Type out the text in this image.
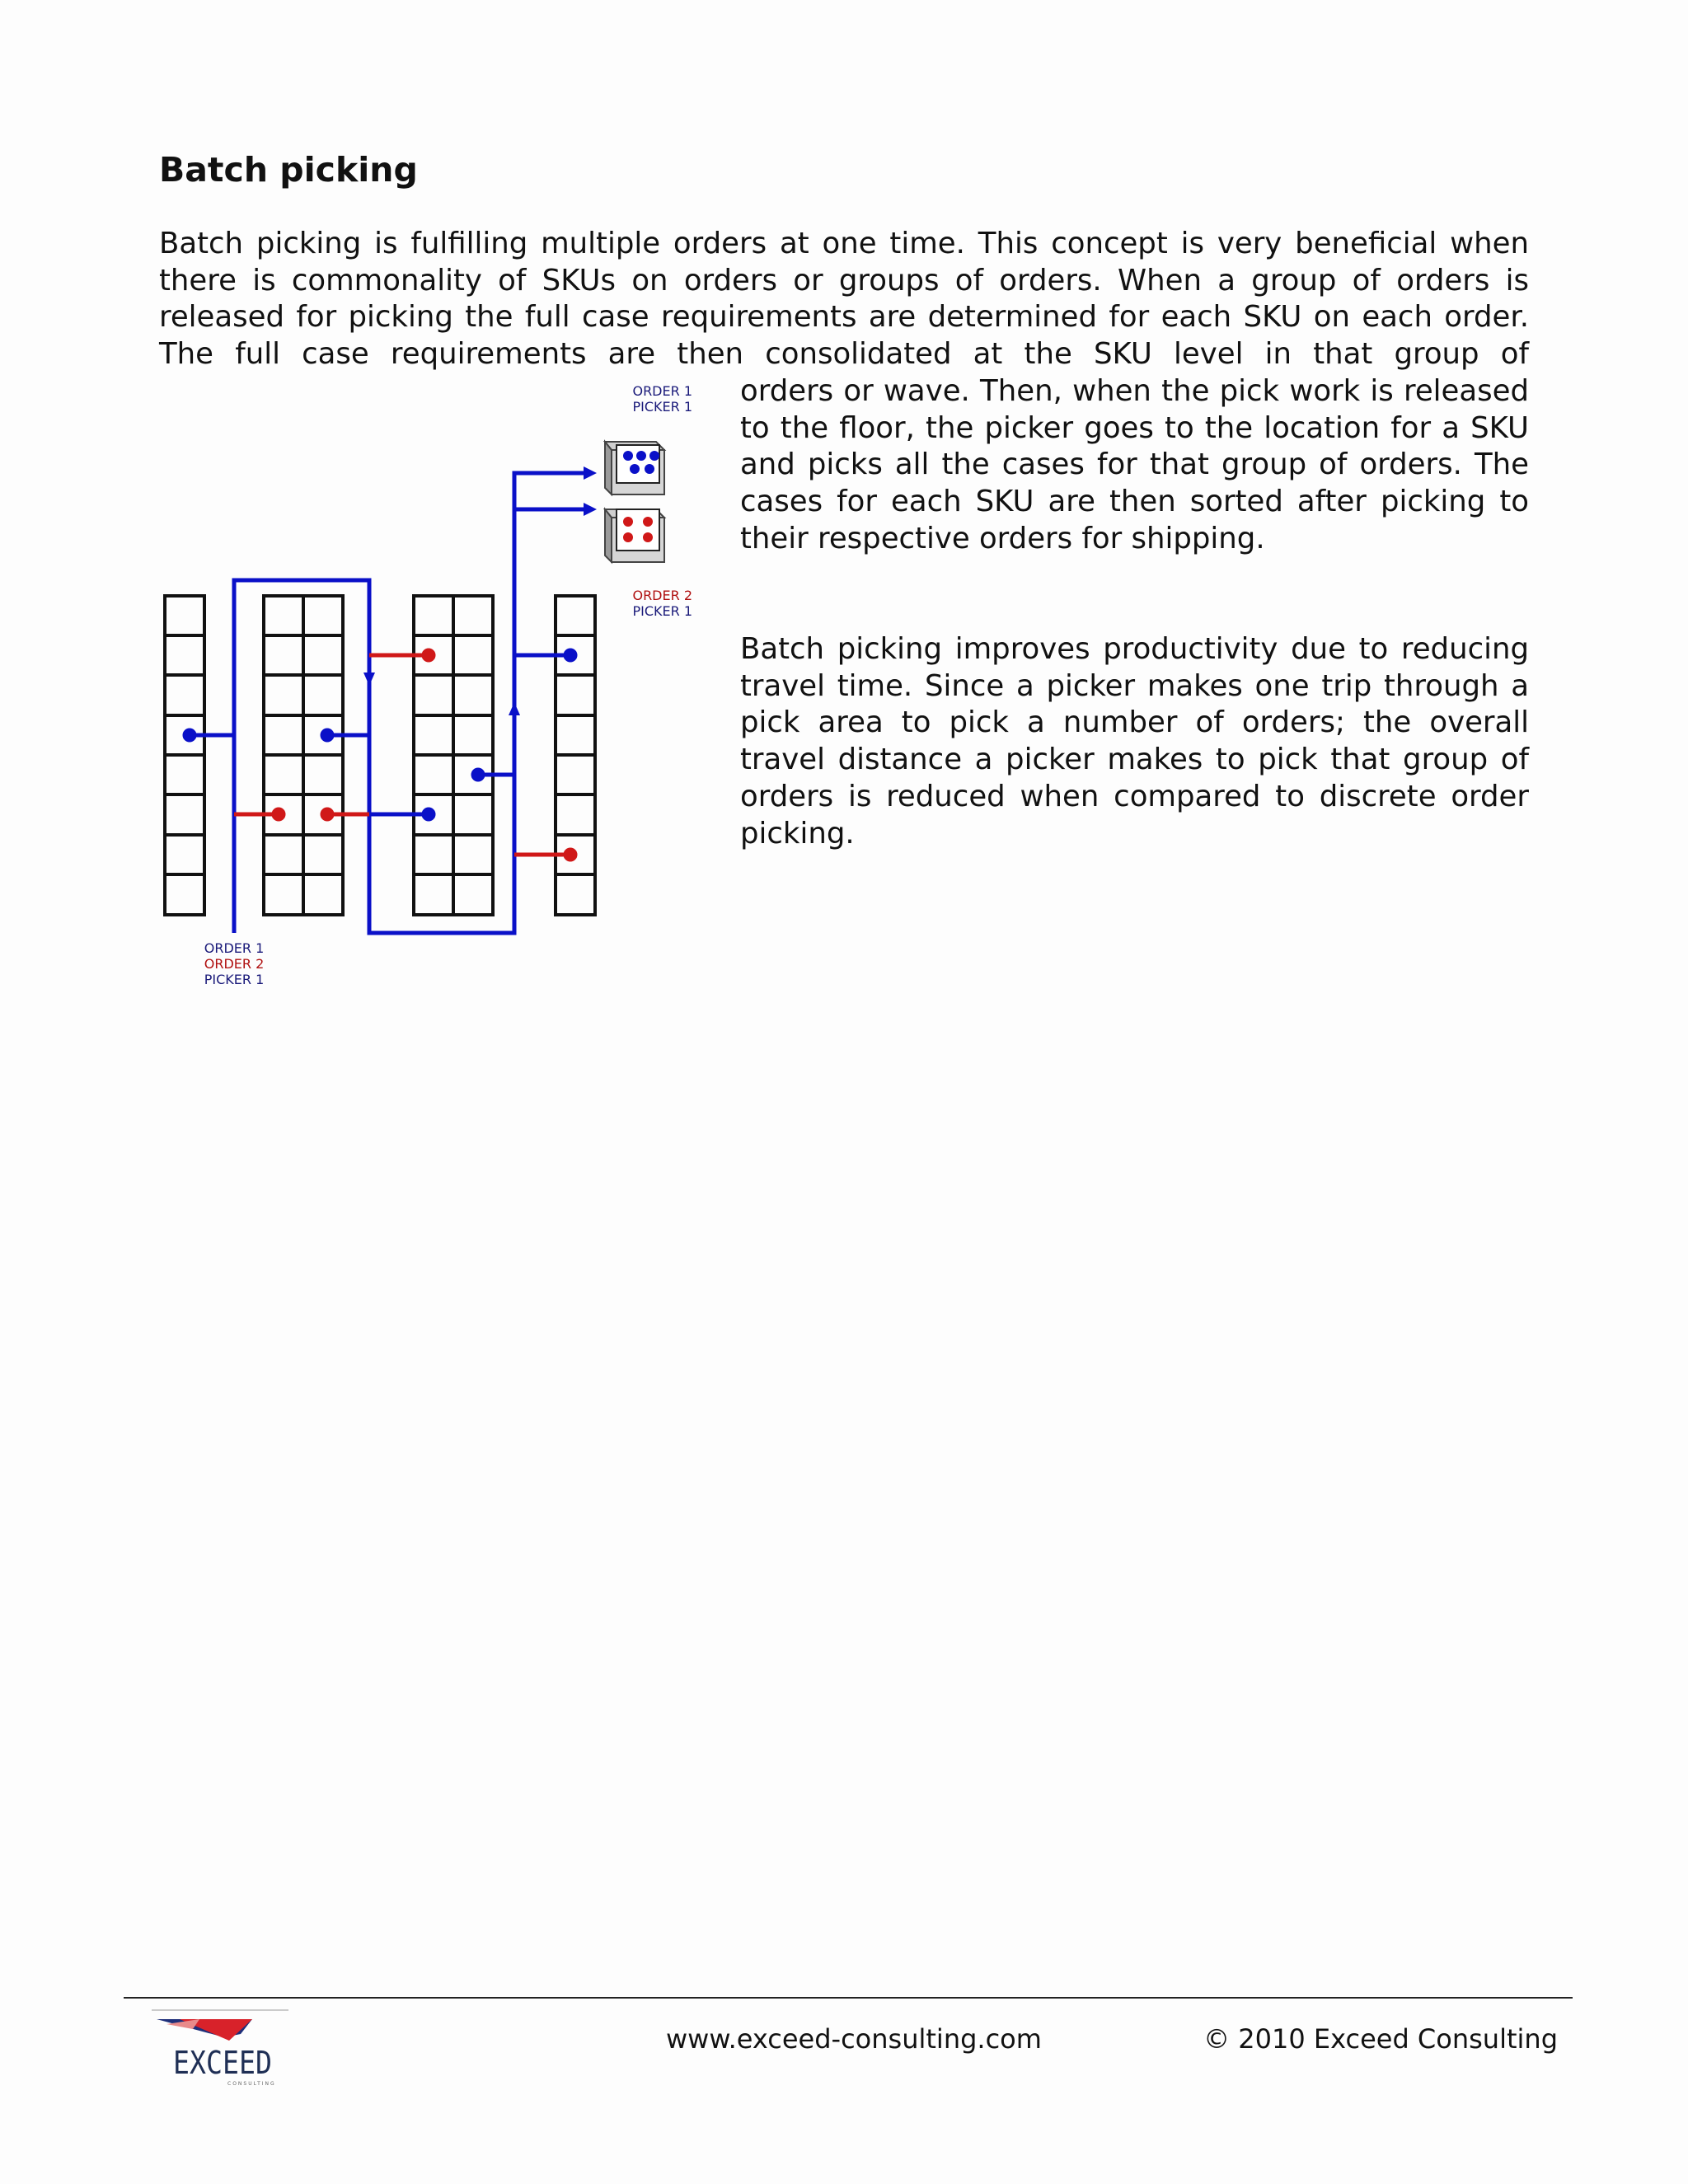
Batch picking

Batch picking is fulfilling multiple orders at one time. This concept is very beneficial when there is commonality of SKUs on orders or groups of orders. When a group of orders is released for picking the full case requirements are determined for each SKU on each order. The full case requirements are then consolidated at the SKU level in that group of

orders or wave. Then, when the pick work is released to the floor, the picker goes to the location for a SKU and picks all the cases for that group of orders. The cases for each SKU are then sorted after picking to their respective orders for shipping.

Batch picking improves productivity due to reducing travel time. Since a picker makes one trip through a pick area to pick a number of orders; the overall travel distance a picker makes to pick that group of orders is reduced when compared to discrete order picking.

ORDER 1
PICKER 1
ORDER 2
PICKER 1
ORDER 1
ORDER 2
PICKER 1
EXCEED
CONSULTING
www.exceed-consulting.com	© 2010 Exceed Consulting
